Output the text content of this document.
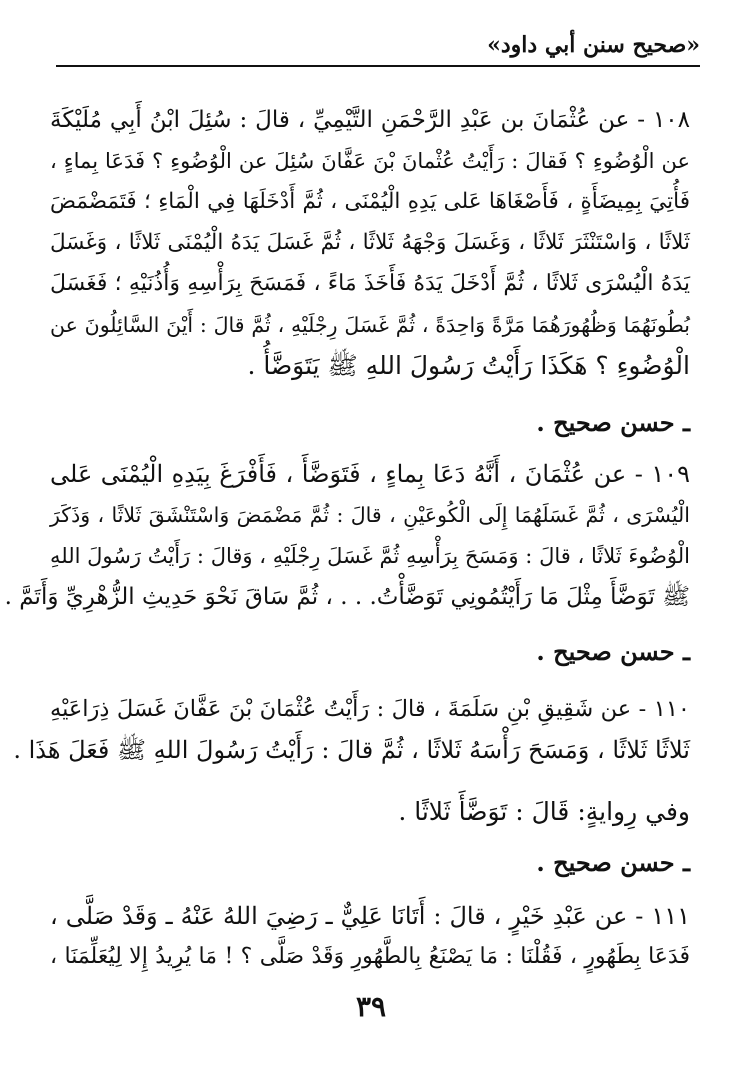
«صحيح سنن أبي داود»
١٠٨ - عن عُثْمَانَ بن عَبْدِ الرَّحْمَنِ التَّيْمِيِّ ، قالَ : سُئِلَ ابْنُ أَبِي مُلَيْكَةَ
عن الْوُضُوءِ ؟ فَقالَ : رَأَيْتُ عُثْمانَ بْنَ عَفَّانَ سُئِلَ عن الْوُضُوءِ ؟ فَدَعَا بِماءٍ ،
فَأُتِيَ بِمِيضَأَةٍ ، فَأَصْغَاهَا عَلى يَدِهِ الْيُمْنَى ، ثُمَّ أَدْخَلَهَا فِي الْمَاءِ ؛ فَتَمَضْمَضَ
ثَلاثًا ، وَاسْتَنْثَرَ ثَلاثًا ، وَغَسَلَ وَجْهَهُ ثَلاثًا ، ثُمَّ غَسَلَ يَدَهُ الْيُمْنَى ثَلاثًا ، وَغَسَلَ
يَدَهُ الْيُسْرَى ثَلاثًا ، ثُمَّ أَدْخَلَ يَدَهُ فَأَخَذَ مَاءً ، فَمَسَحَ بِرَأْسِهِ وَأُذُنَيْهِ ؛ فَغَسَلَ
بُطُونَهُمَا وَظُهُورَهُمَا مَرَّةً وَاحِدَةً ، ثُمَّ غَسَلَ رِجْلَيْهِ ، ثُمَّ قالَ : أَيْنَ السَّائِلُونَ عن
الْوُضُوءِ ؟ هَكَذَا رَأَيْتُ رَسُولَ اللهِ ﷺ يَتَوَضَّأُ .
ـ حسن صحيح .
١٠٩ - عن عُثْمَانَ ، أَنَّهُ دَعَا بِماءٍ ، فَتَوَضَّأَ ، فَأَفْرَغَ بِيَدِهِ الْيُمْنَى عَلى
الْيُسْرَى ، ثُمَّ غَسَلَهُمَا إِلَى الْكُوعَيْنِ ، قالَ : ثُمَّ مَضْمَضَ وَاسْتَنْشَقَ ثَلاثًا ، وَذَكَرَ
الْوُضُوءَ ثَلاثًا ، قالَ : وَمَسَحَ بِرَأْسِهِ ثُمَّ غَسَلَ رِجْلَيْهِ ، وَقالَ : رَأَيْتُ رَسُولَ اللهِ
ﷺ تَوَضَّأَ مِثْلَ مَا رَأَيْتُمُونِي تَوَضَّأْتُ. . . ، ثُمَّ سَاقَ نَحْوَ حَدِيثِ الزُّهْرِيِّ وَأَتَمَّ .
ـ حسن صحيح .
١١٠ - عن شَقِيقِ بْنِ سَلَمَةَ ، قالَ : رَأَيْتُ عُثْمَانَ بْنَ عَفَّانَ غَسَلَ ذِرَاعَيْهِ
ثَلاثًا ثَلاثًا ، وَمَسَحَ رَأْسَهُ ثَلاثًا ، ثُمَّ قالَ : رَأَيْتُ رَسُولَ اللهِ ﷺ فَعَلَ هَذَا .
وفي رِوايةٍ: قَالَ : تَوَضَّأَ ثَلاثًا .
ـ حسن صحيح .
١١١ - عن عَبْدِ خَيْرٍ ، قالَ : أَتَانَا عَلِيٌّ ـ رَضِيَ اللهُ عَنْهُ ـ وَقَدْ صَلَّى ،
فَدَعَا بِطَهُورٍ ، فَقُلْنَا : مَا يَصْنَعُ بِالطَّهُورِ وَقَدْ صَلَّى ؟ ! مَا يُرِيدُ إِلا لِيُعَلِّمَنَا ،
٣٩
